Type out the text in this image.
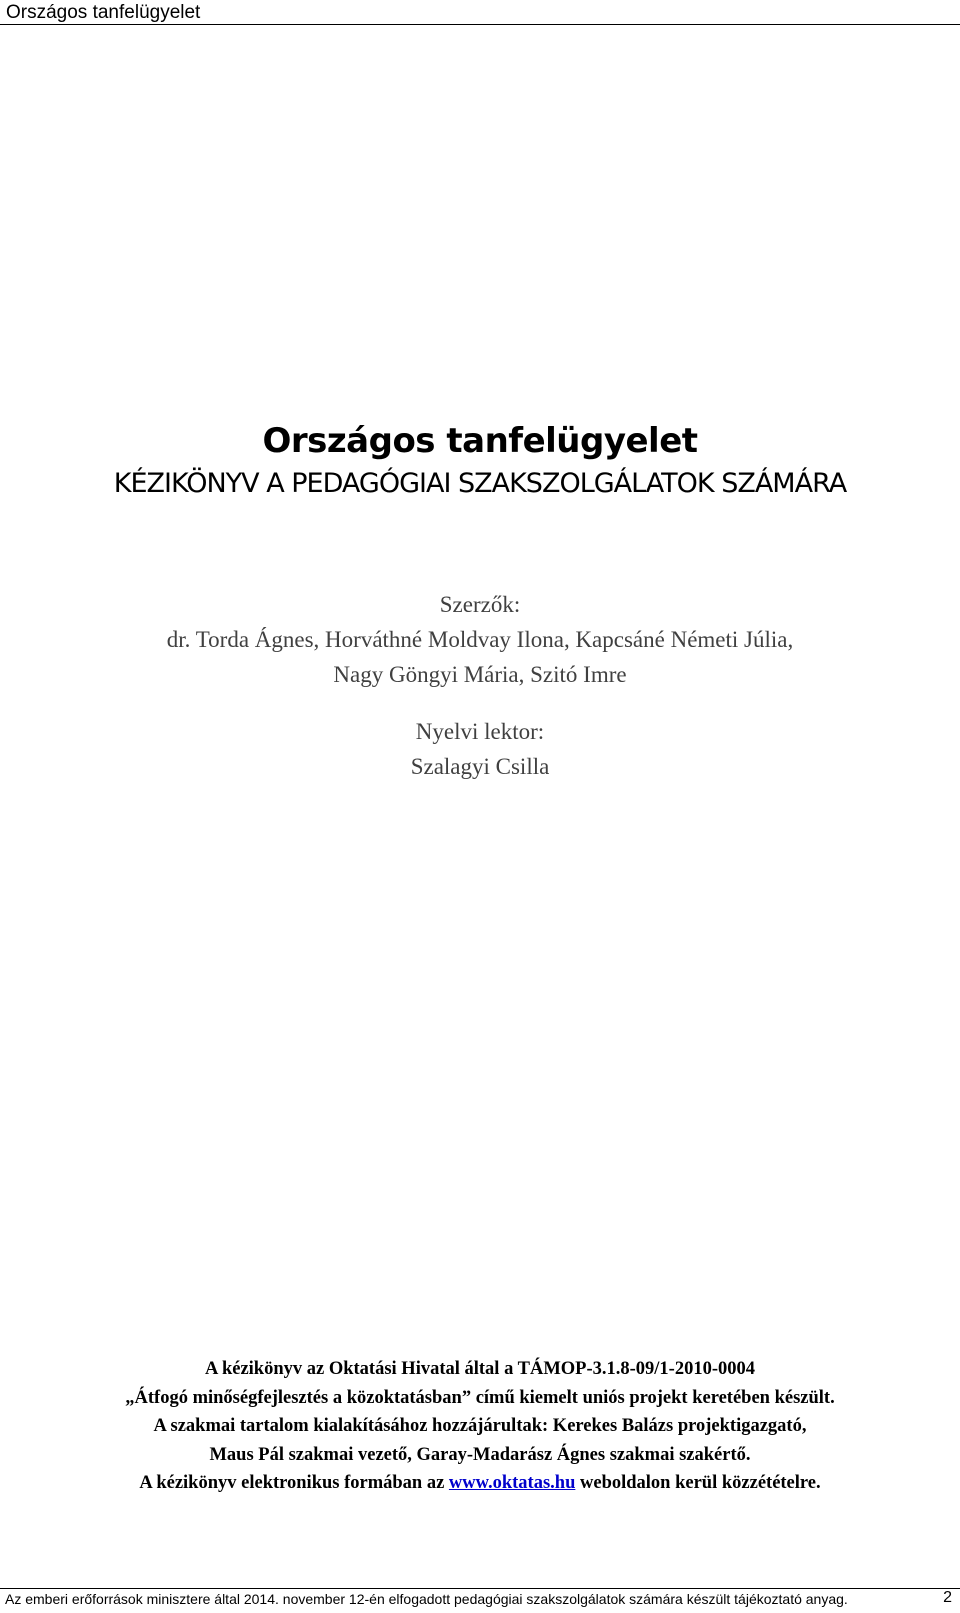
Országos tanfelügyelet
Országos tanfelügyelet
KÉZIKÖNYV A PEDAGÓGIAI SZAKSZOLGÁLATOK SZÁMÁRA
Szerzők:
dr. Torda Ágnes, Horváthné Moldvay Ilona, Kapcsáné Németi Júlia,
Nagy Göngyi Mária, Szitó Imre
Nyelvi lektor:
Szalagyi Csilla
A kézikönyv az Oktatási Hivatal által a TÁMOP-3.1.8-09/1-2010-0004
„Átfogó minőségfejlesztés a közoktatásban” című kiemelt uniós projekt keretében készült.
A szakmai tartalom kialakításához hozzájárultak: Kerekes Balázs projektigazgató,
Maus Pál szakmai vezető, Garay-Madarász Ágnes szakmai szakértő.
A kézikönyv elektronikus formában az www.oktatas.hu weboldalon kerül közzétételre.
Az emberi erőforrások minisztere által 2014. november 12-én elfogadott pedagógiai szakszolgálatok számára készült tájékoztató anyag.	2
